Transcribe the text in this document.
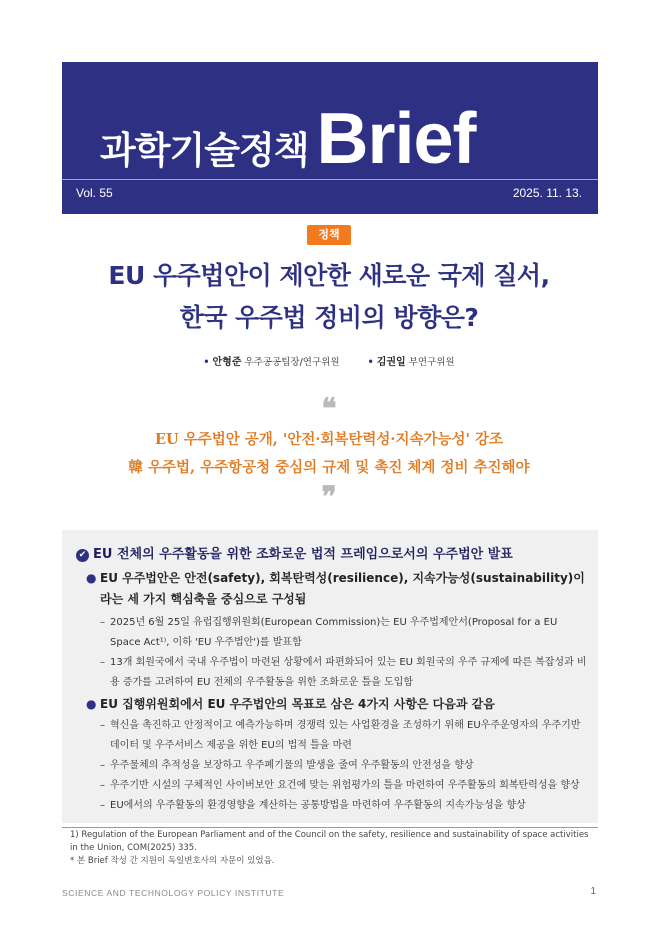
과학기술정책 Brief
Vol. 55	2025. 11. 13.
정책
EU 우주법안이 제안한 새로운 국제 질서,
한국 우주법 정비의 방향은?
• 안형준 우주공공팀장/연구위원	• 김권일 부연구위원
❝
EU 우주법안 공개, '안전·회복탄력성·지속가능성' 강조
韓 우주법, 우주항공청 중심의 규제 및 촉진 체계 정비 추진해야
❞
✔ EU 전체의 우주활동을 위한 조화로운 법적 프레임으로서의 우주법안 발표
● EU 우주법안은 안전(safety), 회복탄력성(resilience), 지속가능성(sustainability)이라는 세 가지 핵심축을 중심으로 구성됨
– 2025년 6월 25일 유럽집행위원회(European Commission)는 EU 우주법제안서(Proposal for a EU Space Act¹⁾, 이하 'EU 우주법안')를 발표함
– 13개 회원국에서 국내 우주법이 마련된 상황에서 파편화되어 있는 EU 회원국의 우주 규제에 따른 복잡성과 비용 증가를 고려하여 EU 전체의 우주활동을 위한 조화로운 틀을 도입함
● EU 집행위원회에서 EU 우주법안의 목표로 삼은 4가지 사항은 다음과 같음
– 혁신을 촉진하고 안정적이고 예측가능하며 경쟁력 있는 사업환경을 조성하기 위해 EU우주운영자의 우주기반 데이터 및 우주서비스 제공을 위한 EU의 법적 틀을 마련
– 우주물체의 추적성을 보장하고 우주폐기물의 발생을 줄여 우주활동의 안전성을 향상
– 우주기반 시설의 구체적인 사이버보안 요건에 맞는 위험평가의 틀을 마련하여 우주활동의 회복탄력성을 향상
– EU에서의 우주활동의 환경영향을 계산하는 공통방법을 마련하여 우주활동의 지속가능성을 향상
1) Regulation of the European Parliament and of the Council on the safety, resilience and sustainability of space activities in the Union, COM(2025) 335.
* 본 Brief 작성 간 지원이 독일변호사의 자문이 있었음.
SCIENCE AND TECHNOLOGY POLICY INSTITUTE	1
